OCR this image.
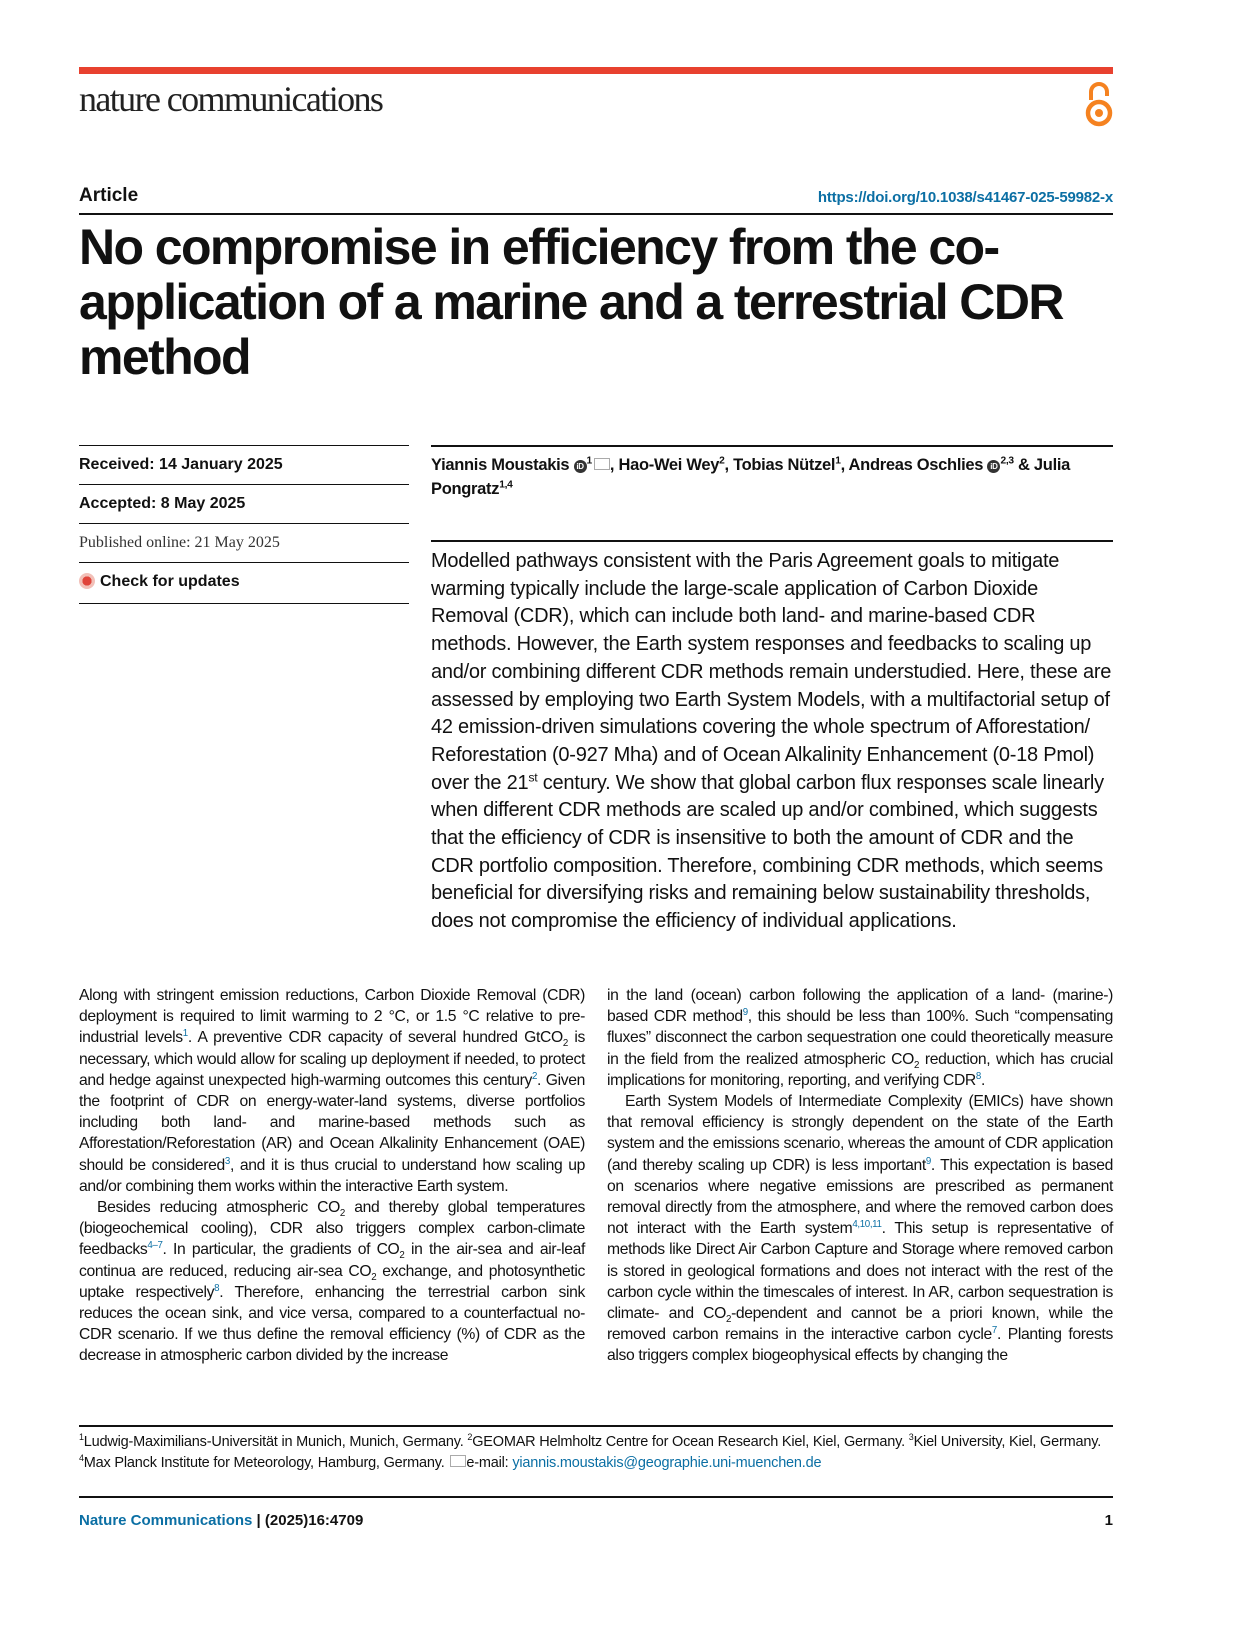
nature communications
Article	https://doi.org/10.1038/s41467-025-59982-x
No compromise in efficiency from the co-application of a marine and a terrestrial CDR method
Received: 14 January 2025
Accepted: 8 May 2025
Published online: 21 May 2025
Check for updates
Yiannis Moustakis iD $^1$ , Hao-Wei Wey$^2$, Tobias Nützel$^1$, Andreas Oschlies iD $^{2,3}$ & Julia Pongratz$^{1,4}$
Modelled pathways consistent with the Paris Agreement goals to mitigate warming typically include the large-scale application of Carbon Dioxide Removal (CDR), which can include both land- and marine-based CDR methods. However, the Earth system responses and feedbacks to scaling up and/or combining different CDR methods remain understudied. Here, these are assessed by employing two Earth System Models, with a multifactorial setup of 42 emission-driven simulations covering the whole spectrum of Afforestation/ Reforestation (0-927 Mha) and of Ocean Alkalinity Enhancement (0-18 Pmol) over the 21st century. We show that global carbon flux responses scale linearly when different CDR methods are scaled up and/or combined, which suggests that the efficiency of CDR is insensitive to both the amount of CDR and the CDR portfolio composition. Therefore, combining CDR methods, which seems beneficial for diversifying risks and remaining below sustainability thresholds, does not compromise the efficiency of individual applications.

Along with stringent emission reductions, Carbon Dioxide Removal (CDR) deployment is required to limit warming to 2 °C, or 1.5 °C relative to pre-industrial levels$^1$. A preventive CDR capacity of several hundred GtCO$_2$ is necessary, which would allow for scaling up deployment if needed, to protect and hedge against unexpected high-warming outcomes this century$^2$. Given the footprint of CDR on energy-water-land systems, diverse portfolios including both land- and marine-based methods such as Afforestation/Reforestation (AR) and Ocean Alkalinity Enhancement (OAE) should be considered$^3$, and it is thus crucial to understand how scaling up and/or combining them works within the interactive Earth system.

Besides reducing atmospheric $CO_2$ and thereby global temperatures (biogeochemical cooling), CDR also triggers complex carbon-climate feedbacks$^{4-7}$. In particular, the gradients of $CO_2$ in the air-sea and air-leaf continua are reduced, reducing air-sea $CO_2$ exchange, and photosynthetic uptake respectively$^8$. Therefore, enhancing the terrestrial carbon sink reduces the ocean sink, and vice versa, compared to a counterfactual no-CDR scenario. If we thus define the removal efficiency (%) of CDR as the decrease in atmospheric carbon divided by the increase

in the land (ocean) carbon following the application of a land- (marine-) based CDR method$^9$, this should be less than 100%. Such “compensating fluxes” disconnect the carbon sequestration one could theoretically measure in the field from the realized atmospheric $CO_2$ reduction, which has crucial implications for monitoring, reporting, and verifying CDR$^8$.

Earth System Models of Intermediate Complexity (EMICs) have shown that removal efficiency is strongly dependent on the state of the Earth system and the emissions scenario, whereas the amount of CDR application (and thereby scaling up CDR) is less important$^9$. This expectation is based on scenarios where negative emissions are prescribed as permanent removal directly from the atmosphere, and where the removed carbon does not interact with the Earth system$^{4,10,11}$. This setup is representative of methods like Direct Air Carbon Capture and Storage where removed carbon is stored in geological formations and does not interact with the rest of the carbon cycle within the timescales of interest. In AR, carbon sequestration is climate- and $CO_2$-dependent and cannot be a priori known, while the removed carbon remains in the interactive carbon cycle$^7$. Planting forests also triggers complex biogeophysical effects by changing the

$^1$Ludwig-Maximilians-Universität in Munich, Munich, Germany. $^2$GEOMAR Helmholtz Centre for Ocean Research Kiel, Kiel, Germany. $^3$Kiel University, Kiel, Germany. $^4$Max Planck Institute for Meteorology, Hamburg, Germany. e-mail: yiannis.moustakis@geographie.uni-muenchen.de
Nature Communications | (2025)16:4709	1
